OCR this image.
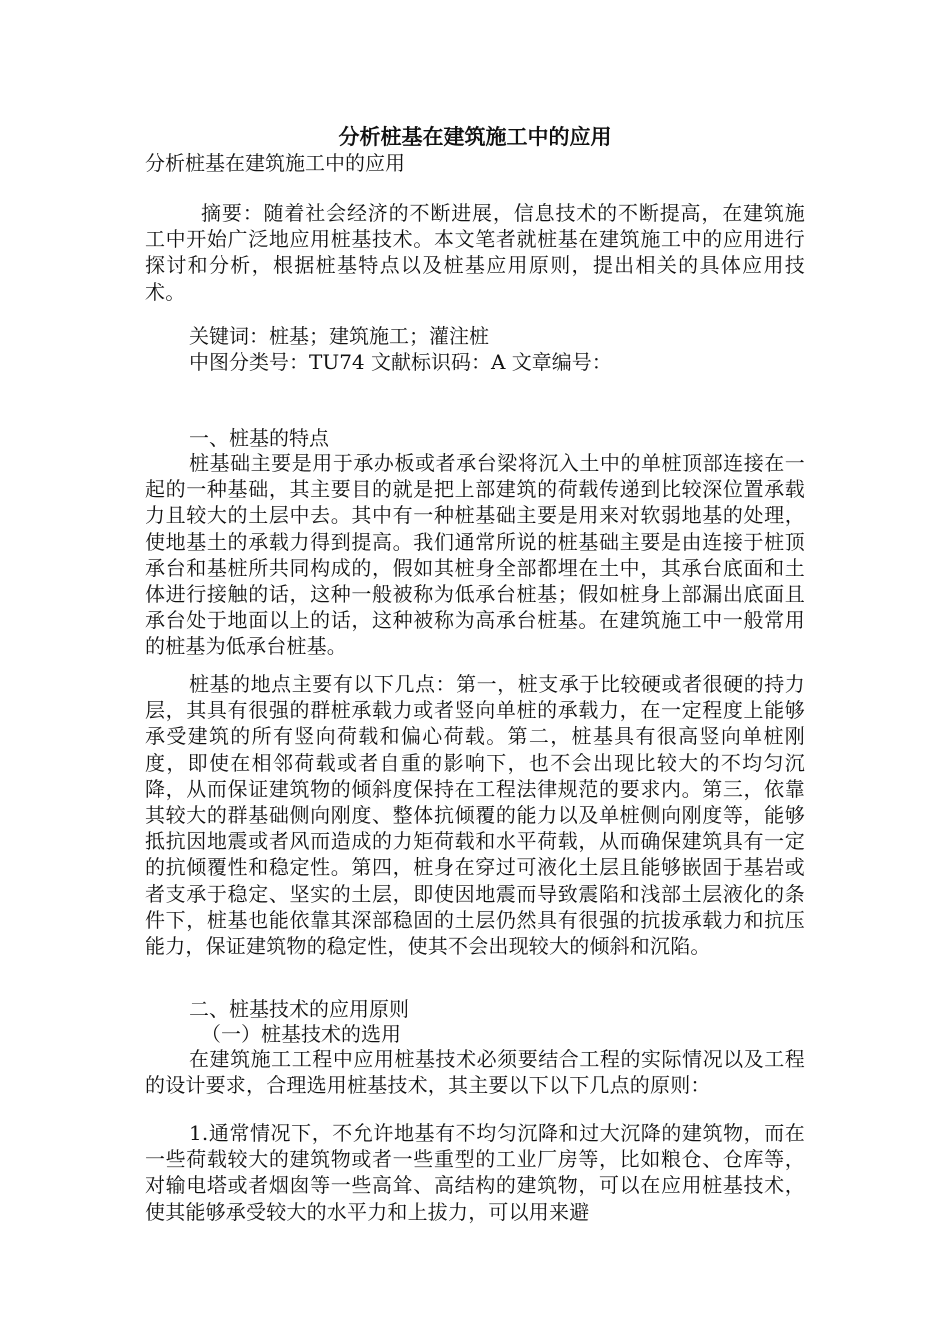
分析桩基在建筑施工中的应用

分析桩基在建筑施工中的应用

摘要：随着社会经济的不断进展，信息技术的不断提高，在建筑施工中开始广泛地应用桩基技术。本文笔者就桩基在建筑施工中的应用进行探讨和分析，根据桩基特点以及桩基应用原则，提出相关的具体应用技术。

关键词：桩基；建筑施工；灌注桩

中图分类号：TU74 文献标识码：A 文章编号：

一、桩基的特点

桩基础主要是用于承办板或者承台梁将沉入土中的单桩顶部连接在一起的一种基础，其主要目的就是把上部建筑的荷载传递到比较深位置承载力且较大的土层中去。其中有一种桩基础主要是用来对软弱地基的处理，使地基土的承载力得到提高。我们通常所说的桩基础主要是由连接于桩顶承台和基桩所共同构成的，假如其桩身全部都埋在土中，其承台底面和土体进行接触的话，这种一般被称为低承台桩基；假如桩身上部漏出底面且承台处于地面以上的话，这种被称为高承台桩基。在建筑施工中一般常用的桩基为低承台桩基。

桩基的地点主要有以下几点：第一，桩支承于比较硬或者很硬的持力层，其具有很强的群桩承载力或者竖向单桩的承载力，在一定程度上能够承受建筑的所有竖向荷载和偏心荷载。第二，桩基具有很高竖向单桩刚度，即使在相邻荷载或者自重的影响下，也不会出现比较大的不均匀沉降，从而保证建筑物的倾斜度保持在工程法律规范的要求内。第三，依靠其较大的群基础侧向刚度、整体抗倾覆的能力以及单桩侧向刚度等，能够抵抗因地震或者风而造成的力矩荷载和水平荷载，从而确保建筑具有一定的抗倾覆性和稳定性。第四，桩身在穿过可液化土层且能够嵌固于基岩或者支承于稳定、坚实的土层，即使因地震而导致震陷和浅部土层液化的条件下，桩基也能依靠其深部稳固的土层仍然具有很强的抗拔承载力和抗压能力，保证建筑物的稳定性，使其不会出现较大的倾斜和沉陷。

二、桩基技术的应用原则

（一）桩基技术的选用

在建筑施工工程中应用桩基技术必须要结合工程的实际情况以及工程的设计要求，合理选用桩基技术，其主要以下以下几点的原则：

1.通常情况下，不允许地基有不均匀沉降和过大沉降的建筑物，而在一些荷载较大的建筑物或者一些重型的工业厂房等，比如粮仓、仓库等，对输电塔或者烟囱等一些高耸、高结构的建筑物，可以在应用桩基技术，使其能够承受较大的水平力和上拔力，可以用来避
